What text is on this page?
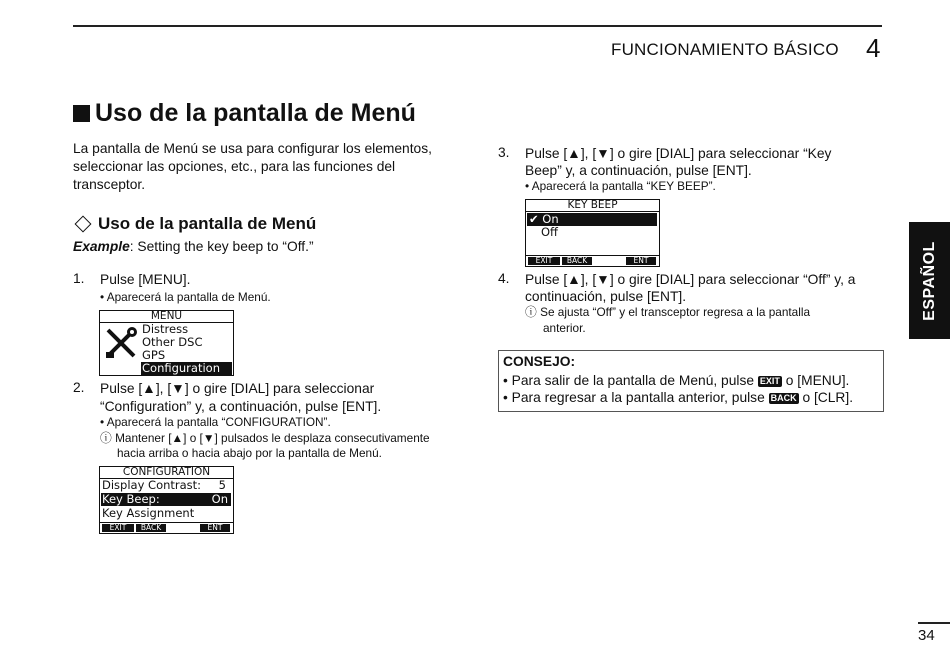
FUNCIONAMIENTO BÁSICO 4
Uso de la pantalla de Menú
La pantalla de Menú se usa para configurar los elementos, seleccionar las opciones, etc., para las funciones del transceptor.
Uso de la pantalla de Menú
Example: Setting the key beep to “Off.”
1. Pulse [MENU].
• Aparecerá la pantalla de Menú.
MENU
Distress
Other DSC
GPS
Configuration
2. Pulse [▲], [▼] o gire [DIAL] para seleccionar
“Configuration” y, a continuación, pulse [ENT].
• Aparecerá la pantalla “CONFIGURATION”.
ⓘ Mantener [▲] o [▼] pulsados le desplaza consecutivamente
hacia arriba o hacia abajo por la pantalla de Menú.
CONFIGURATION
Display Contrast: 5
Key Beep:	On
Key Assignment
EXIT	BACK	ENT
3. Pulse [▲], [▼] o gire [DIAL] para seleccionar “Key
Beep” y, a continuación, pulse [ENT].
• Aparecerá la pantalla “KEY BEEP”.
KEY BEEP
✔ On
Off
EXIT	BACK	ENT
4. Pulse [▲], [▼] o gire [DIAL] para seleccionar “Off” y, a
continuación, pulse [ENT].
ⓘ Se ajusta “Off” y el transceptor regresa a la pantalla
anterior.
CONSEJO:
• Para salir de la pantalla de Menú, pulse EXIT o [MENU].
• Para regresar a la pantalla anterior, pulse BACK o [CLR].
ESPAÑOL
34
